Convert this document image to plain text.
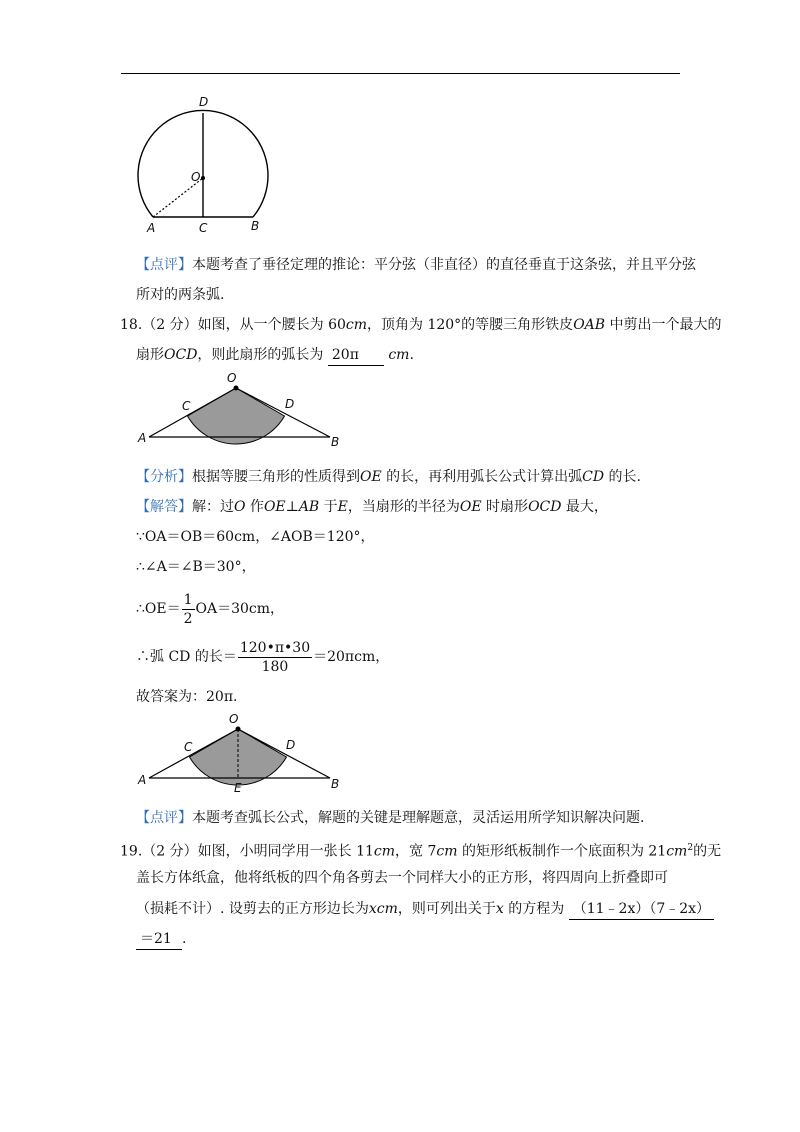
D
O
A	C	B
【点评】本题考查了垂径定理的推论：平分弦（非直径）的直径垂直于这条弦，并且平分弦
所对的两条弧.
18.（2 分）如图，从一个腰长为 60cm，顶角为 120°的等腰三角形铁皮OAB 中剪出一个最大的
扇形OCD，则此扇形的弧长为 20π cm.
O
C	D
A	B
【分析】根据等腰三角形的性质得到OE 的长，再利用弧长公式计算出弧CD 的长.
【解答】解：过O 作OE⊥AB 于E，当扇形的半径为OE 时扇形OCD 最大，
∵OA＝OB＝60cm，∠AOB＝120°，
∴∠A＝∠B＝30°，
∴OE＝ $\frac{1}{2} OA=30cm$，
∴弧 CD 的长＝ $\frac{120•\pi•30}{180} =20\pi cm$，
故答案为：20π.
O
C	D
A
E	B
【点评】本题考查弧长公式，解题的关键是理解题意，灵活运用所学知识解决问题.
19.（2 分）如图，小明同学用一张长 11cm，宽 7cm 的矩形纸板制作一个底面积为 $21cm^2$的无
盖长方体纸盒，他将纸板的四个角各剪去一个同样大小的正方形，将四周向上折叠即可
（损耗不计）. 设剪去的正方形边长为xcm，则可列出关于x 的方程为 （11﹣2x）（7﹣2x）
＝21 .
